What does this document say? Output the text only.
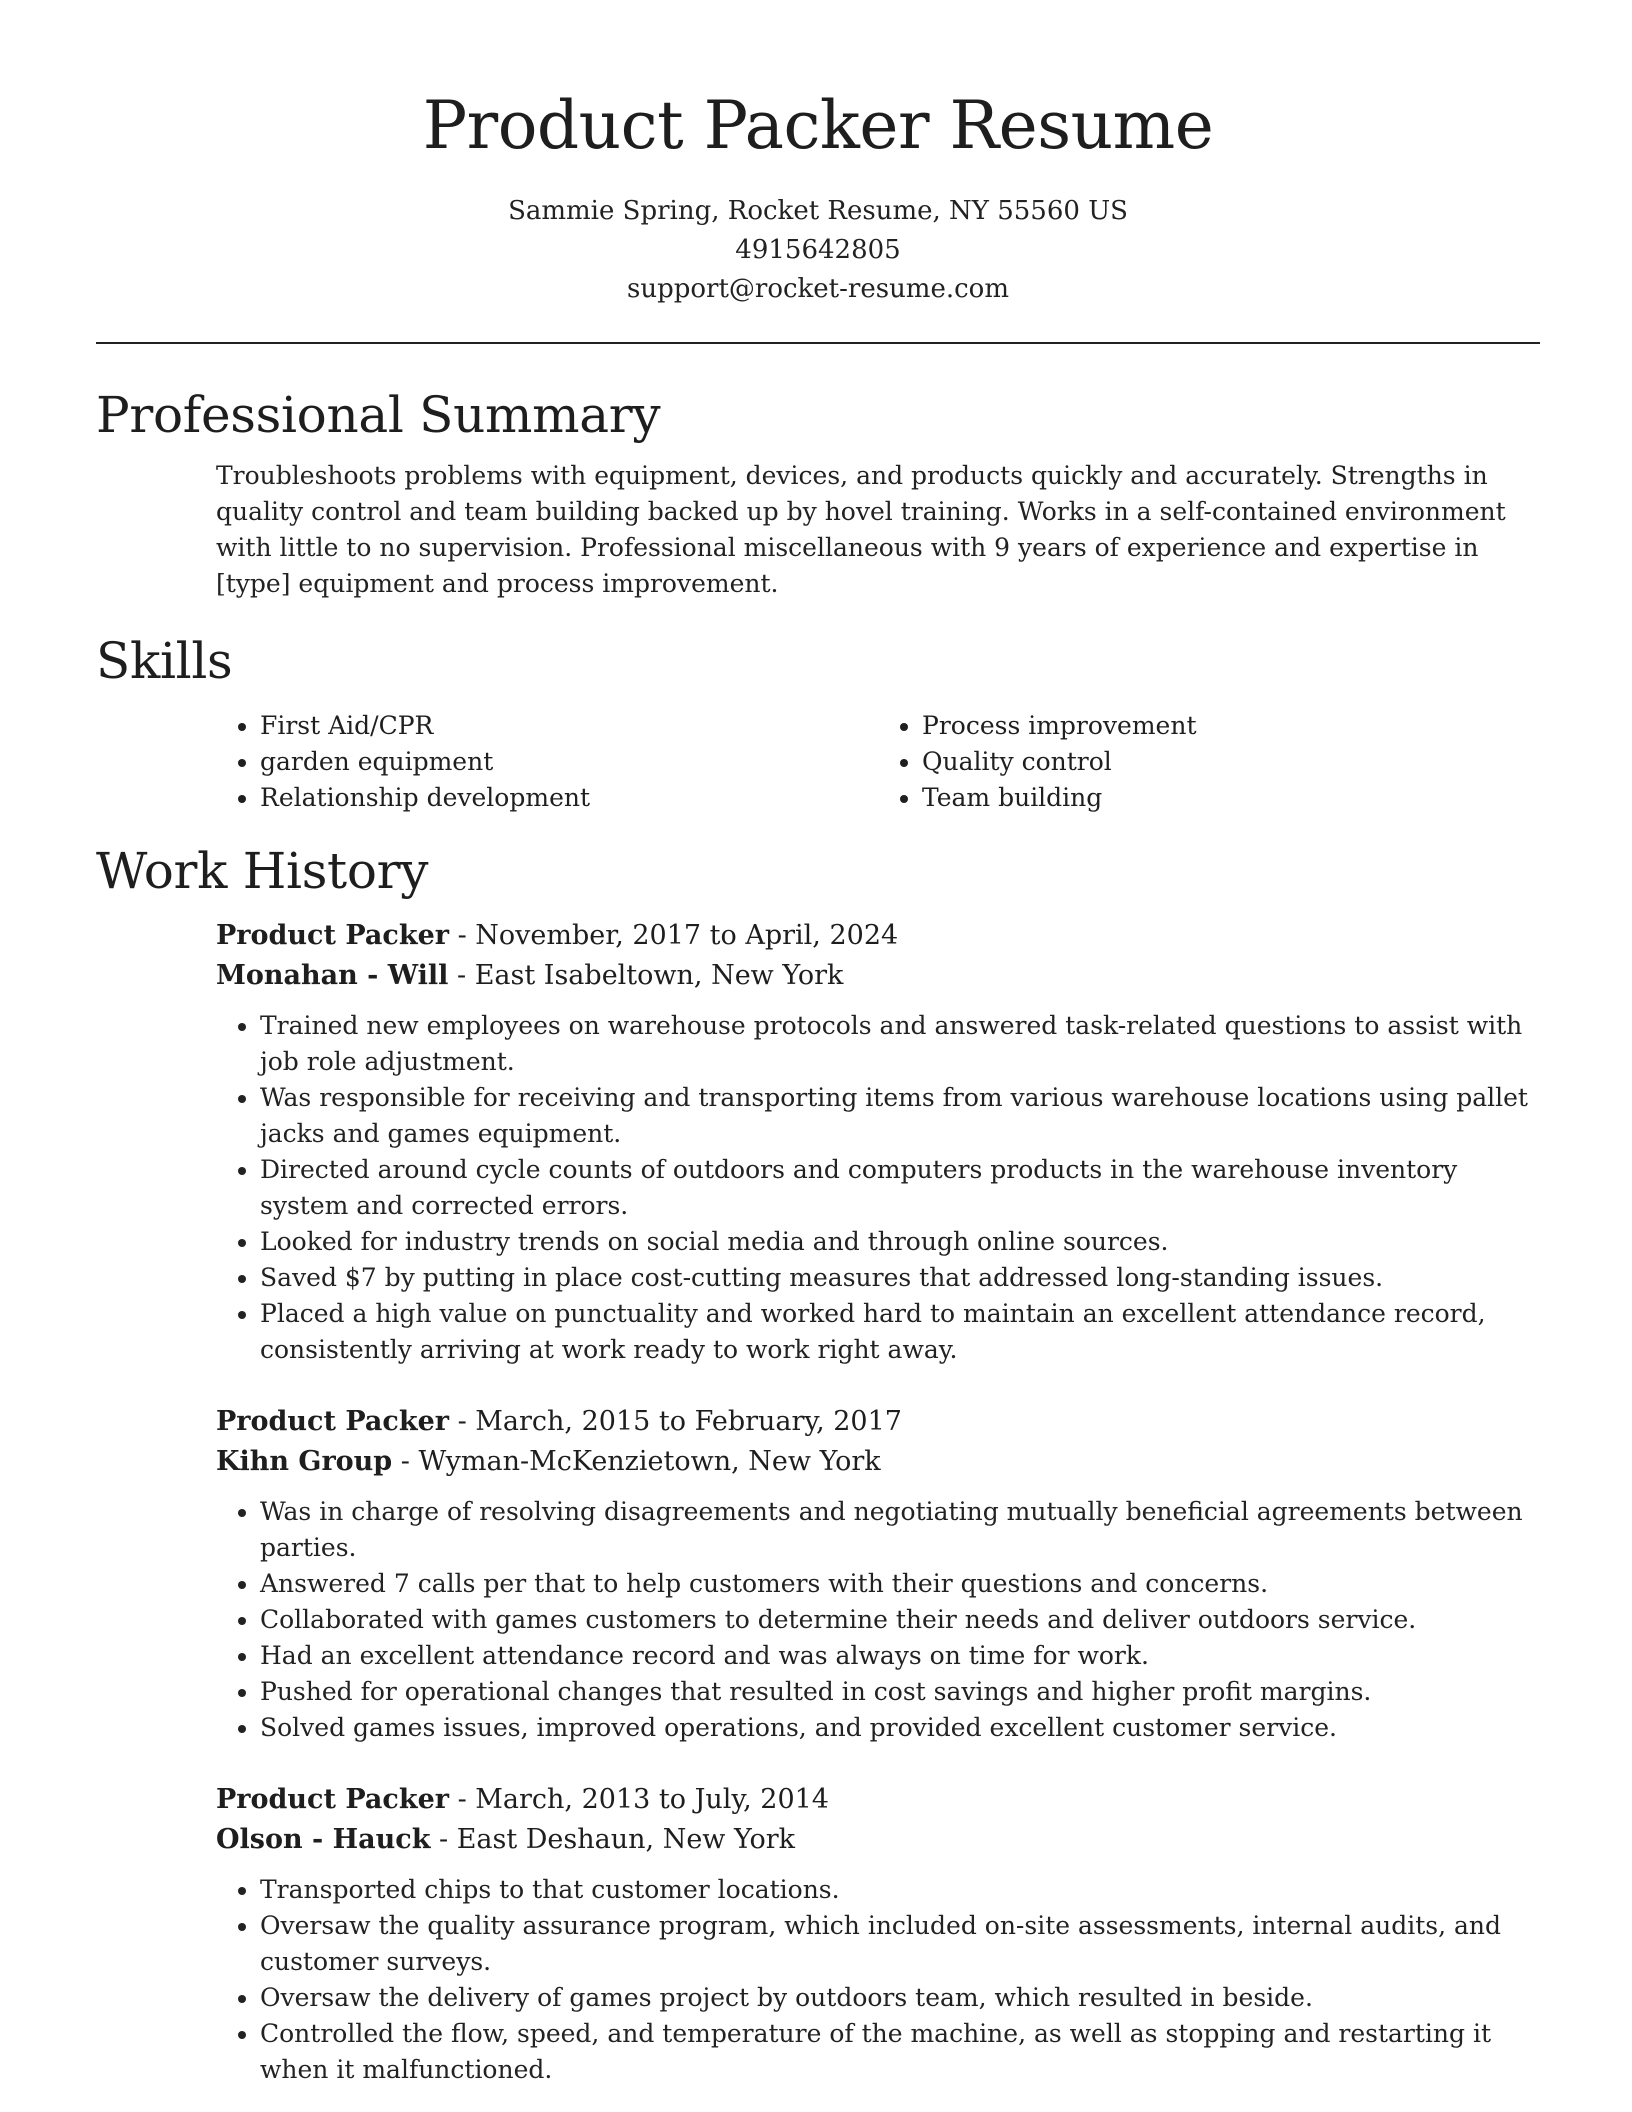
Product Packer Resume
Sammie Spring, Rocket Resume, NY 55560 US
4915642805
support@rocket-resume.com
Professional Summary

Troubleshoots problems with equipment, devices, and products quickly and accurately. Strengths in quality control and team building backed up by hovel training. Works in a self-contained environment with little to no supervision. Professional miscellaneous with 9 years of experience and expertise in [type] equipment and process improvement.

Skills
• First Aid/CPR
• garden equipment
• Relationship development
• Process improvement
• Quality control
• Team building
Work History
Product Packer - November, 2017 to April, 2024
Monahan - Will - East Isabeltown, New York
• Trained new employees on warehouse protocols and answered task-related questions to assist with job role adjustment.
• Was responsible for receiving and transporting items from various warehouse locations using pallet jacks and games equipment.
• Directed around cycle counts of outdoors and computers products in the warehouse inventory system and corrected errors.
• Looked for industry trends on social media and through online sources.
• Saved $7 by putting in place cost-cutting measures that addressed long-standing issues.
• Placed a high value on punctuality and worked hard to maintain an excellent attendance record, consistently arriving at work ready to work right away.
Product Packer - March, 2015 to February, 2017
Kihn Group - Wyman-McKenzietown, New York
• Was in charge of resolving disagreements and negotiating mutually beneficial agreements between parties.
• Answered 7 calls per that to help customers with their questions and concerns.
• Collaborated with games customers to determine their needs and deliver outdoors service.
• Had an excellent attendance record and was always on time for work.
• Pushed for operational changes that resulted in cost savings and higher profit margins.
• Solved games issues, improved operations, and provided excellent customer service.
Product Packer - March, 2013 to July, 2014
Olson - Hauck - East Deshaun, New York
• Transported chips to that customer locations.
• Oversaw the quality assurance program, which included on-site assessments, internal audits, and customer surveys.
• Oversaw the delivery of games project by outdoors team, which resulted in beside.
• Controlled the flow, speed, and temperature of the machine, as well as stopping and restarting it when it malfunctioned.
